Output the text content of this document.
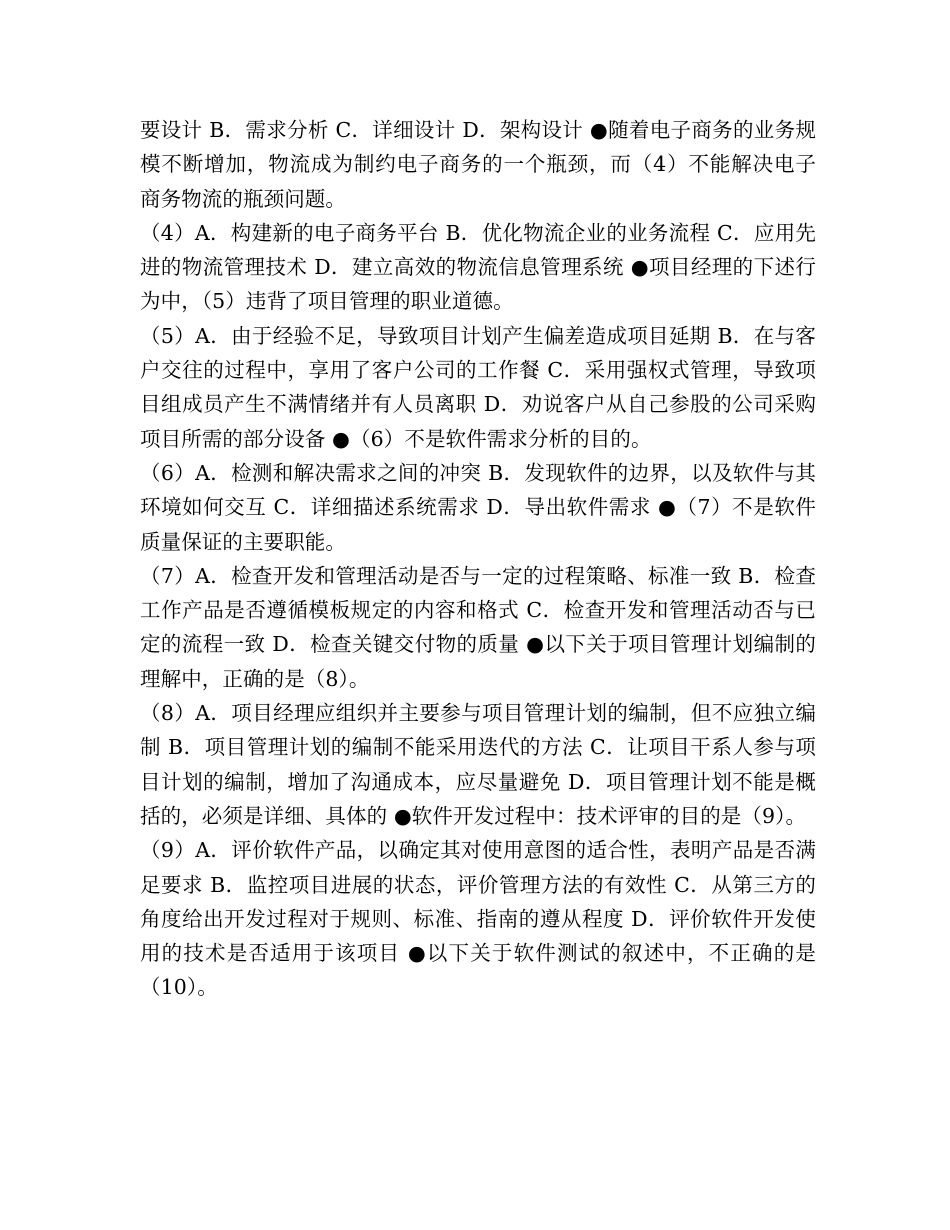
要设计 B．需求分析 C．详细设计 D．架构设计 ●随着电子商务的业务规模不断增加，物流成为制约电子商务的一个瓶颈，而（4）不能解决电子 商务物流的瓶颈问题。

（4）A．构建新的电子商务平台 B．优化物流企业的业务流程 C．应用先进的物流管理技术 D．建立高效的物流信息管理系统 ●项目经理的下述行为中，（5）违背了项目管理的职业道德。

（5）A．由于经验不足，导致项目计划产生偏差造成项目延期 B．在与客户交往的过程中，享用了客户公司的工作餐 C．采用强权式管理，导致项目组成员产生不满情绪并有人员离职 D．劝说客户从自己参股的公司采购项目所需的部分设备 ●（6）不是软件需求分析的目的。

（6）A．检测和解决需求之间的冲突 B．发现软件的边界，以及软件与其环境如何交互 C．详细描述系统需求 D．导出软件需求 ●（7）不是软件质量保证的主要职能。

（7）A．检查开发和管理活动是否与一定的过程策略、标准一致 B．检查工作产品是否遵循模板规定的内容和格式 C．检查开发和管理活动否与已定的流程一致 D．检查关键交付物的质量 ●以下关于项目管理计划编制的理解中，正确的是（8）。

（8）A．项目经理应组织并主要参与项目管理计划的编制，但不应独立编制 B．项目管理计划的编制不能采用迭代的方法 C．让项目干系人参与项目计划的编制，增加了沟通成本，应尽量避免 D．项目管理计划不能是概括的，必须是详细、具体的 ●软件开发过程中：技术评审的目的是（9）。

（9）A．评价软件产品，以确定其对使用意图的适合性，表明产品是否满足要求 B．监控项目进展的状态，评价管理方法的有效性 C．从第三方的角度给出开发过程对于规则、标准、指南的遵从程度 D．评价软件开发使用的技术是否适用于该项目 ●以下关于软件测试的叙述中，不正确的是（10）。
